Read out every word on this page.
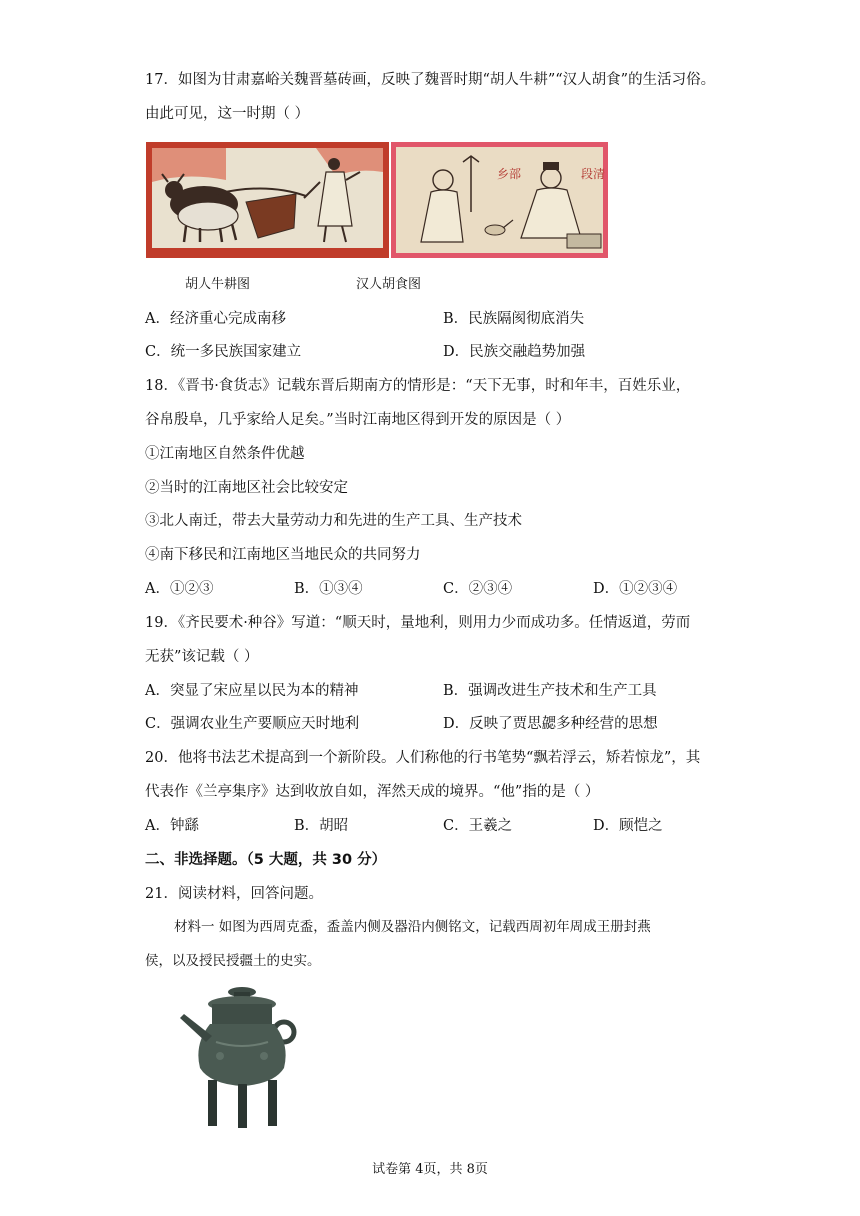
17．如图为甘肃嘉峪关魏晋墓砖画，反映了魏晋时期“胡人牛耕”“汉人胡食”的生活习俗。
由此可见，这一时期（ ）
乡部	段清
胡人牛耕图	汉人胡食图
A．经济重心完成南移	B．民族隔阂彻底消失
C．统一多民族国家建立	D．民族交融趋势加强
18．《晋书·食货志》记载东晋后期南方的情形是：“天下无事，时和年丰，百姓乐业，
谷帛殷阜，几乎家给人足矣。”当时江南地区得到开发的原因是（ ）
①江南地区自然条件优越
②当时的江南地区社会比较安定
③北人南迁，带去大量劳动力和先进的生产工具、生产技术
④南下移民和江南地区当地民众的共同努力
A．①②③	B．①③④	C．②③④	D．①②③④
19．《齐民要术·种谷》写道：“顺天时，量地利，则用力少而成功多。任情返道，劳而
无获”该记载（ ）
A．突显了宋应星以民为本的精神	B．强调改进生产技术和生产工具
C．强调农业生产要顺应天时地利	D．反映了贾思勰多种经营的思想
20．他将书法艺术提高到一个新阶段。人们称他的行书笔势“飘若浮云，矫若惊龙”，其
代表作《兰亭集序》达到收放自如，浑然天成的境界。“他”指的是（ ）
A．钟繇	B．胡昭	C．王羲之	D．顾恺之
二、非选择题。（5 大题，共 30 分）
21．阅读材料，回答问题。
材料一 如图为西周克盉，盉盖内侧及器沿内侧铭文，记载西周初年周成王册封燕
侯，以及授民授疆土的史实。
试卷第 4页，共 8页
